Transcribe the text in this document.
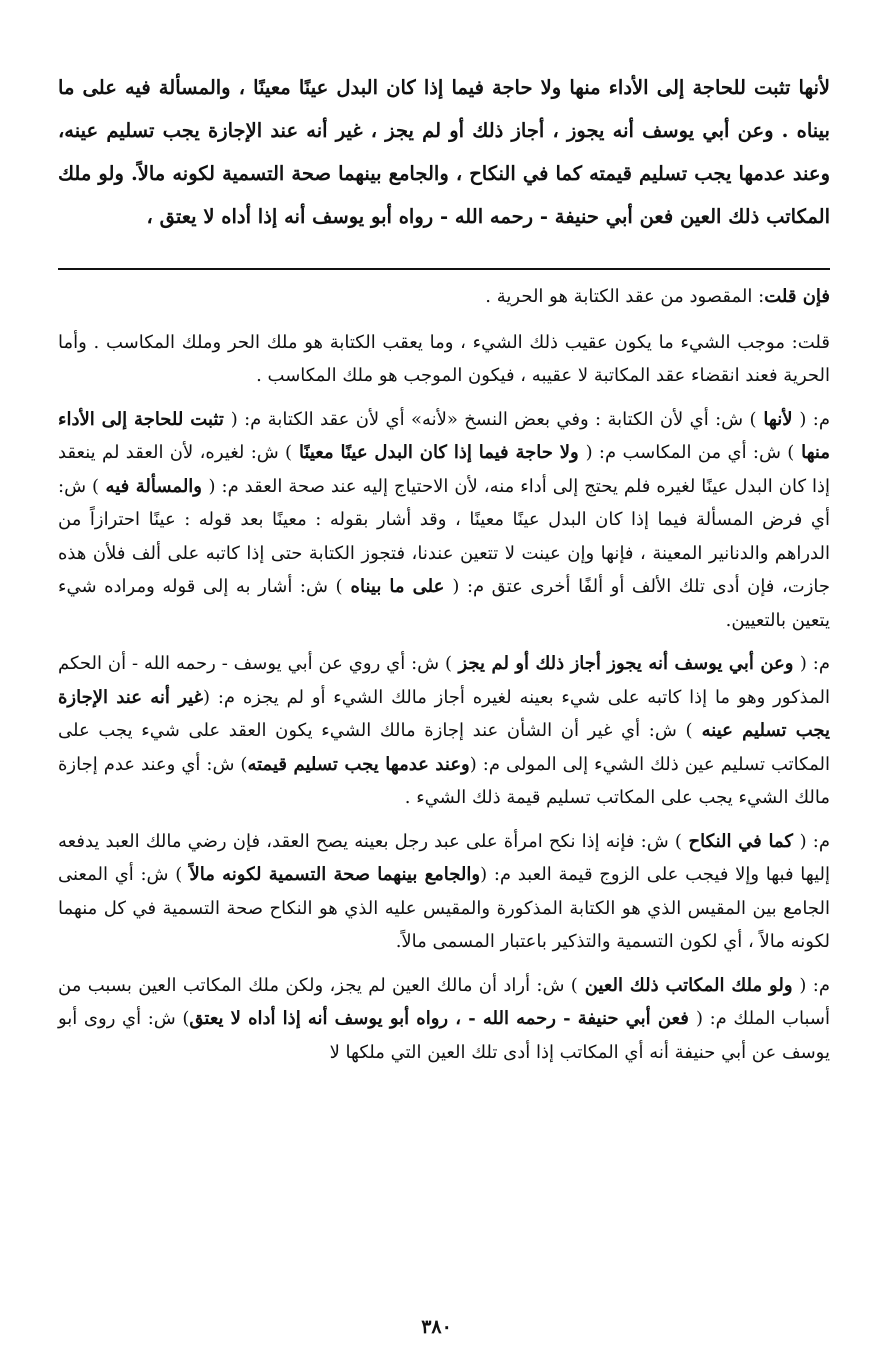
لأنها تثبت للحاجة إلى الأداء منها ولا حاجة فيما إذا كان البدل عينًا معينًا ، والمسألة فيه على ما بيناه . وعن أبي يوسف أنه يجوز ، أجاز ذلك أو لم يجز ، غير أنه عند الإجازة يجب تسليم عينه، وعند عدمها يجب تسليم قيمته كما في النكاح ، والجامع بينهما صحة التسمية لكونه مالاً. ولو ملك المكاتب ذلك العين فعن أبي حنيفة - رحمه الله - رواه أبو يوسف أنه إذا أداه لا يعتق ،

فإن قلت: المقصود من عقد الكتابة هو الحرية .

قلت: موجب الشيء ما يكون عقيب ذلك الشيء ، وما يعقب الكتابة هو ملك الحر وملك المكاسب . وأما الحرية فعند انقضاء عقد المكاتبة لا عقيبه ، فيكون الموجب هو ملك المكاسب .

م: ( لأنها ) ش: أي لأن الكتابة : وفي بعض النسخ «لأنه» أي لأن عقد الكتابة م: ( تثبت للحاجة إلى الأداء منها ) ش: أي من المكاسب م: ( ولا حاجة فيما إذا كان البدل عينًا معينًا ) ش: لغيره، لأن العقد لم ينعقد إذا كان البدل عينًا لغيره فلم يحتج إلى أداء منه، لأن الاحتياج إليه عند صحة العقد م: ( والمسألة فيه ) ش: أي فرض المسألة فيما إذا كان البدل عينًا معينًا ، وقد أشار بقوله : معينًا بعد قوله : عينًا احترازاً من الدراهم والدنانير المعينة ، فإنها وإن عينت لا تتعين عندنا، فتجوز الكتابة حتى إذا كاتبه على ألف فلأن هذه جازت، فإن أدى تلك الألف أو ألفًا أخرى عتق م: ( على ما بيناه ) ش: أشار به إلى قوله ومراده شيء يتعين بالتعيين.

م: ( وعن أبي يوسف أنه يجوز أجاز ذلك أو لم يجز ) ش: أي روي عن أبي يوسف - رحمه الله - أن الحكم المذكور وهو ما إذا كاتبه على شيء بعينه لغيره أجاز مالك الشيء أو لم يجزه م: (غير أنه عند الإجازة يجب تسليم عينه ) ش: أي غير أن الشأن عند إجازة مالك الشيء يكون العقد على شيء يجب على المكاتب تسليم عين ذلك الشيء إلى المولى م: (وعند عدمها يجب تسليم قيمته) ش: أي وعند عدم إجازة مالك الشيء يجب على المكاتب تسليم قيمة ذلك الشيء .

م: ( كما في النكاح ) ش: فإنه إذا نكح امرأة على عبد رجل بعينه يصح العقد، فإن رضي مالك العبد يدفعه إليها فبها وإلا فيجب على الزوج قيمة العبد م: (والجامع بينهما صحة التسمية لكونه مالاً ) ش: أي المعنى الجامع بين المقيس الذي هو الكتابة المذكورة والمقيس عليه الذي هو النكاح صحة التسمية في كل منهما لكونه مالاً ، أي لكون التسمية والتذكير باعتبار المسمى مالاً.

م: ( ولو ملك المكاتب ذلك العين ) ش: أراد أن مالك العين لم يجز، ولكن ملك المكاتب العين بسبب من أسباب الملك م: ( فعن أبي حنيفة - رحمه الله - ، رواه أبو يوسف أنه إذا أداه لا يعتق) ش: أي روى أبو يوسف عن أبي حنيفة أنه أي المكاتب إذا أدى تلك العين التي ملكها لا

٣٨٠
